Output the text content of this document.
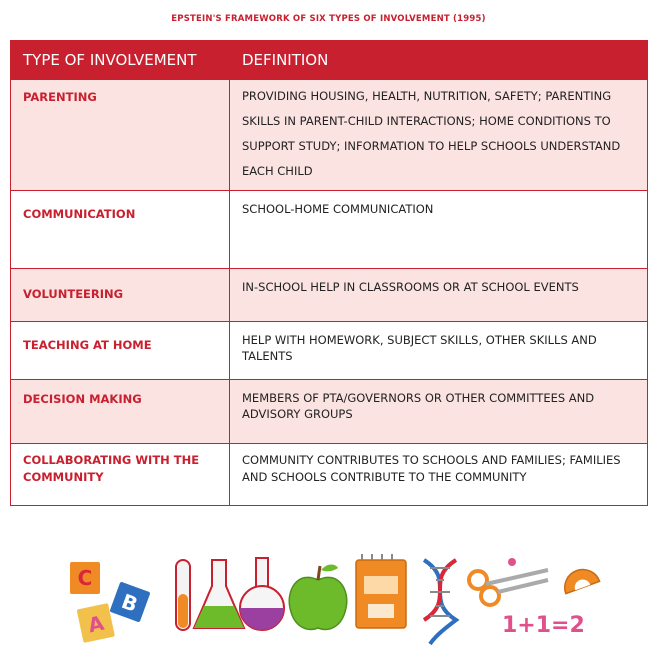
EPSTEIN'S FRAMEWORK OF SIX TYPES OF INVOLVEMENT (1995)
TYPE OF INVOLVEMENT	DEFINITION
PARENTING	PROVIDING HOUSING, HEALTH, NUTRITION, SAFETY; PARENTING SKILLS IN PARENT-CHILD INTERACTIONS; HOME CONDITIONS TO SUPPORT STUDY; INFORMATION TO HELP SCHOOLS UNDERSTAND EACH CHILD
COMMUNICATION	SCHOOL-HOME COMMUNICATION
VOLUNTEERING	IN-SCHOOL HELP IN CLASSROOMS OR AT SCHOOL EVENTS
TEACHING AT HOME	HELP WITH HOMEWORK, SUBJECT SKILLS, OTHER SKILLS AND TALENTS
DECISION MAKING	MEMBERS OF PTA/GOVERNORS OR OTHER COMMITTEES AND ADVISORY GROUPS
COLLABORATING WITH THE COMMUNITY	COMMUNITY CONTRIBUTES TO SCHOOLS AND FAMILIES; FAMILIES AND SCHOOLS CONTRIBUTE TO THE COMMUNITY
C
B
A	1+1=2
